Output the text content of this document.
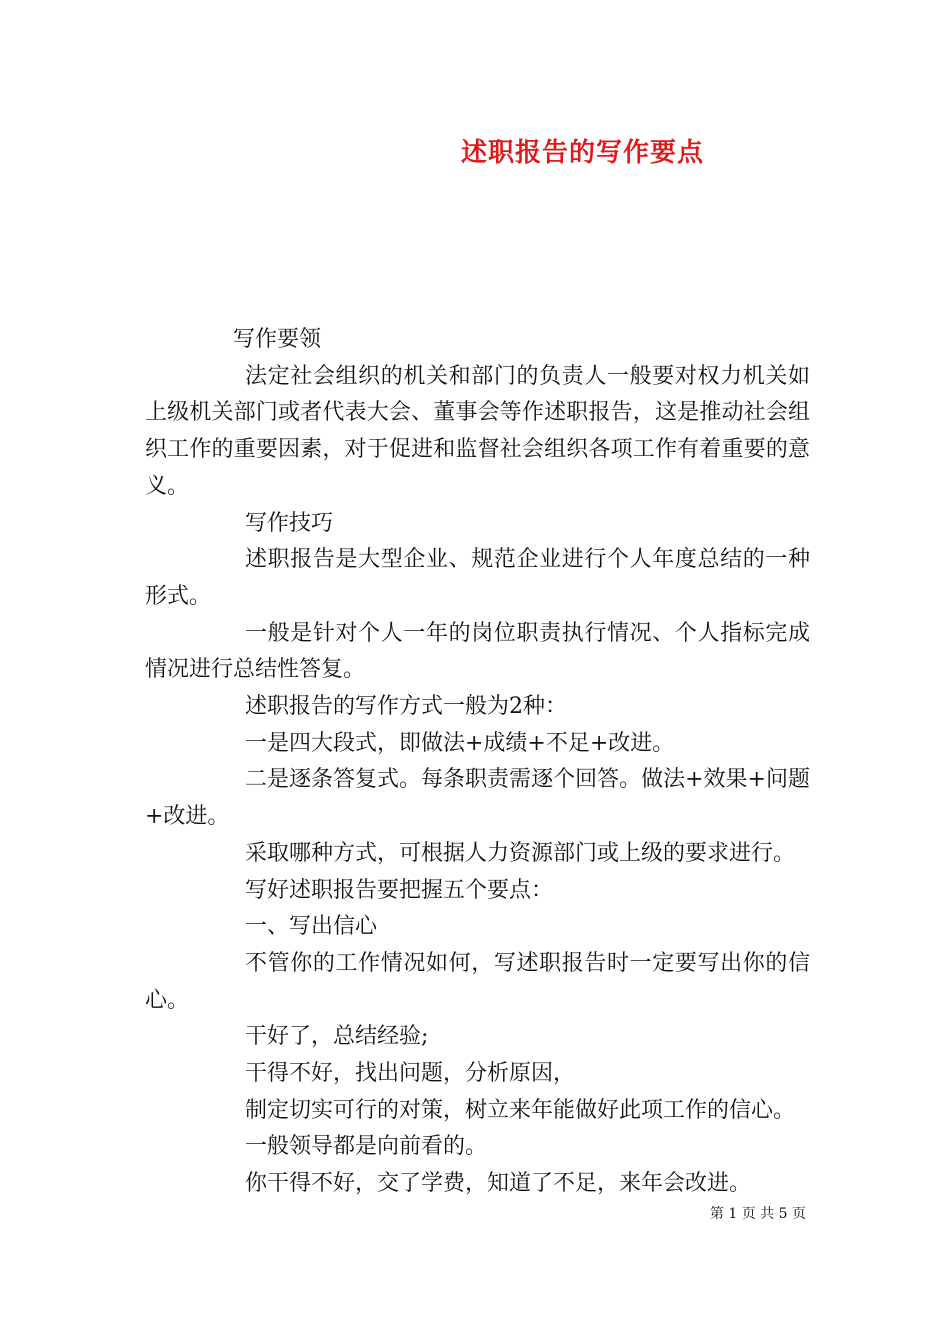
述职报告的写作要点

写作要领

法定社会组织的机关和部门的负责人一般要对权力机关如上级机关部门或者代表大会、董事会等作述职报告，这是推动社会组织工作的重要因素，对于促进和监督社会组织各项工作有着重要的意义。

写作技巧

述职报告是大型企业、规范企业进行个人年度总结的一种形式。

一般是针对个人一年的岗位职责执行情况、个人指标完成情况进行总结性答复。

述职报告的写作方式一般为2种：

一是四大段式，即做法+成绩+不足+改进。

二是逐条答复式。每条职责需逐个回答。做法+效果+问题+改进。

采取哪种方式，可根据人力资源部门或上级的要求进行。

写好述职报告要把握五个要点：

一、写出信心

不管你的工作情况如何，写述职报告时一定要写出你的信心。

干好了，总结经验;

干得不好，找出问题，分析原因，

制定切实可行的对策，树立来年能做好此项工作的信心。

一般领导都是向前看的。

你干得不好，交了学费，知道了不足，来年会改进。

第 1 页 共 5 页
